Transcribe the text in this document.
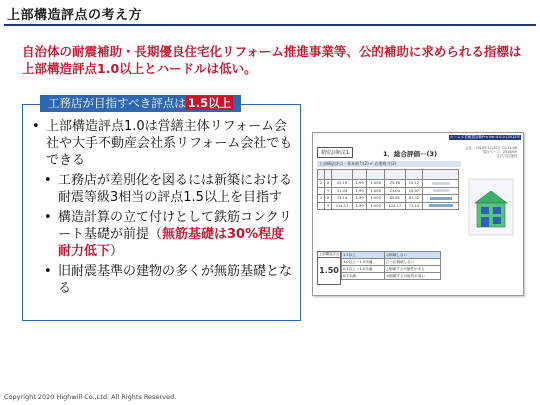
上部構造評点の考え方
自治体の耐震補助・長期優良住宅化リフォーム推進事業等、公的補助に求められる指標は上部構造評点1.0以上とハードルは低い。
工務店が目指すべき評点は 1.5以上
• 上部構造評点1.0は営繕主体リフォーム会社や大手不動産会社系リフォーム会社でもできる
• 工務店が差別化を図るには新築における耐震等級3相当の評点1.5以上を目指す
• 構造計算の立て付けとして鉄筋コンクリート基礎が前提（無筋基礎は30%程度耐力低下）
• 旧耐震基準の建物の多くが無筋基礎となる
ホームズ君耐震診断Pro Ver.4.0.0 (2012年基準版)
精密診断法1	1．総合評価－(3)
会社：2019年4月20日 11:11:08
現在ページ：2018/09
江戸川区施設
上部構造評点・基本耐力(2) ✔ 必要耐力(2)

2	X	25.19	1.99	1.000	25.78	15.12	
	Y	21.04	1.99	1.000	21.04	14.97	
1	X	73.14	1.99	1.000	85.82	67.01	
	Y	114.17	1.99	1.000	114.17	71.14	
上部構造評点
1.50
1.5以上	◎倒壊しない
1.0以上～1.5未満	○一応倒壊しない
0.7以上～1.0未満	△倒壊する可能性がある
0.7未満	×倒壊する可能性が高い
Copyright 2020 Highwill Co.,Ltd. All Rights Reserved.
